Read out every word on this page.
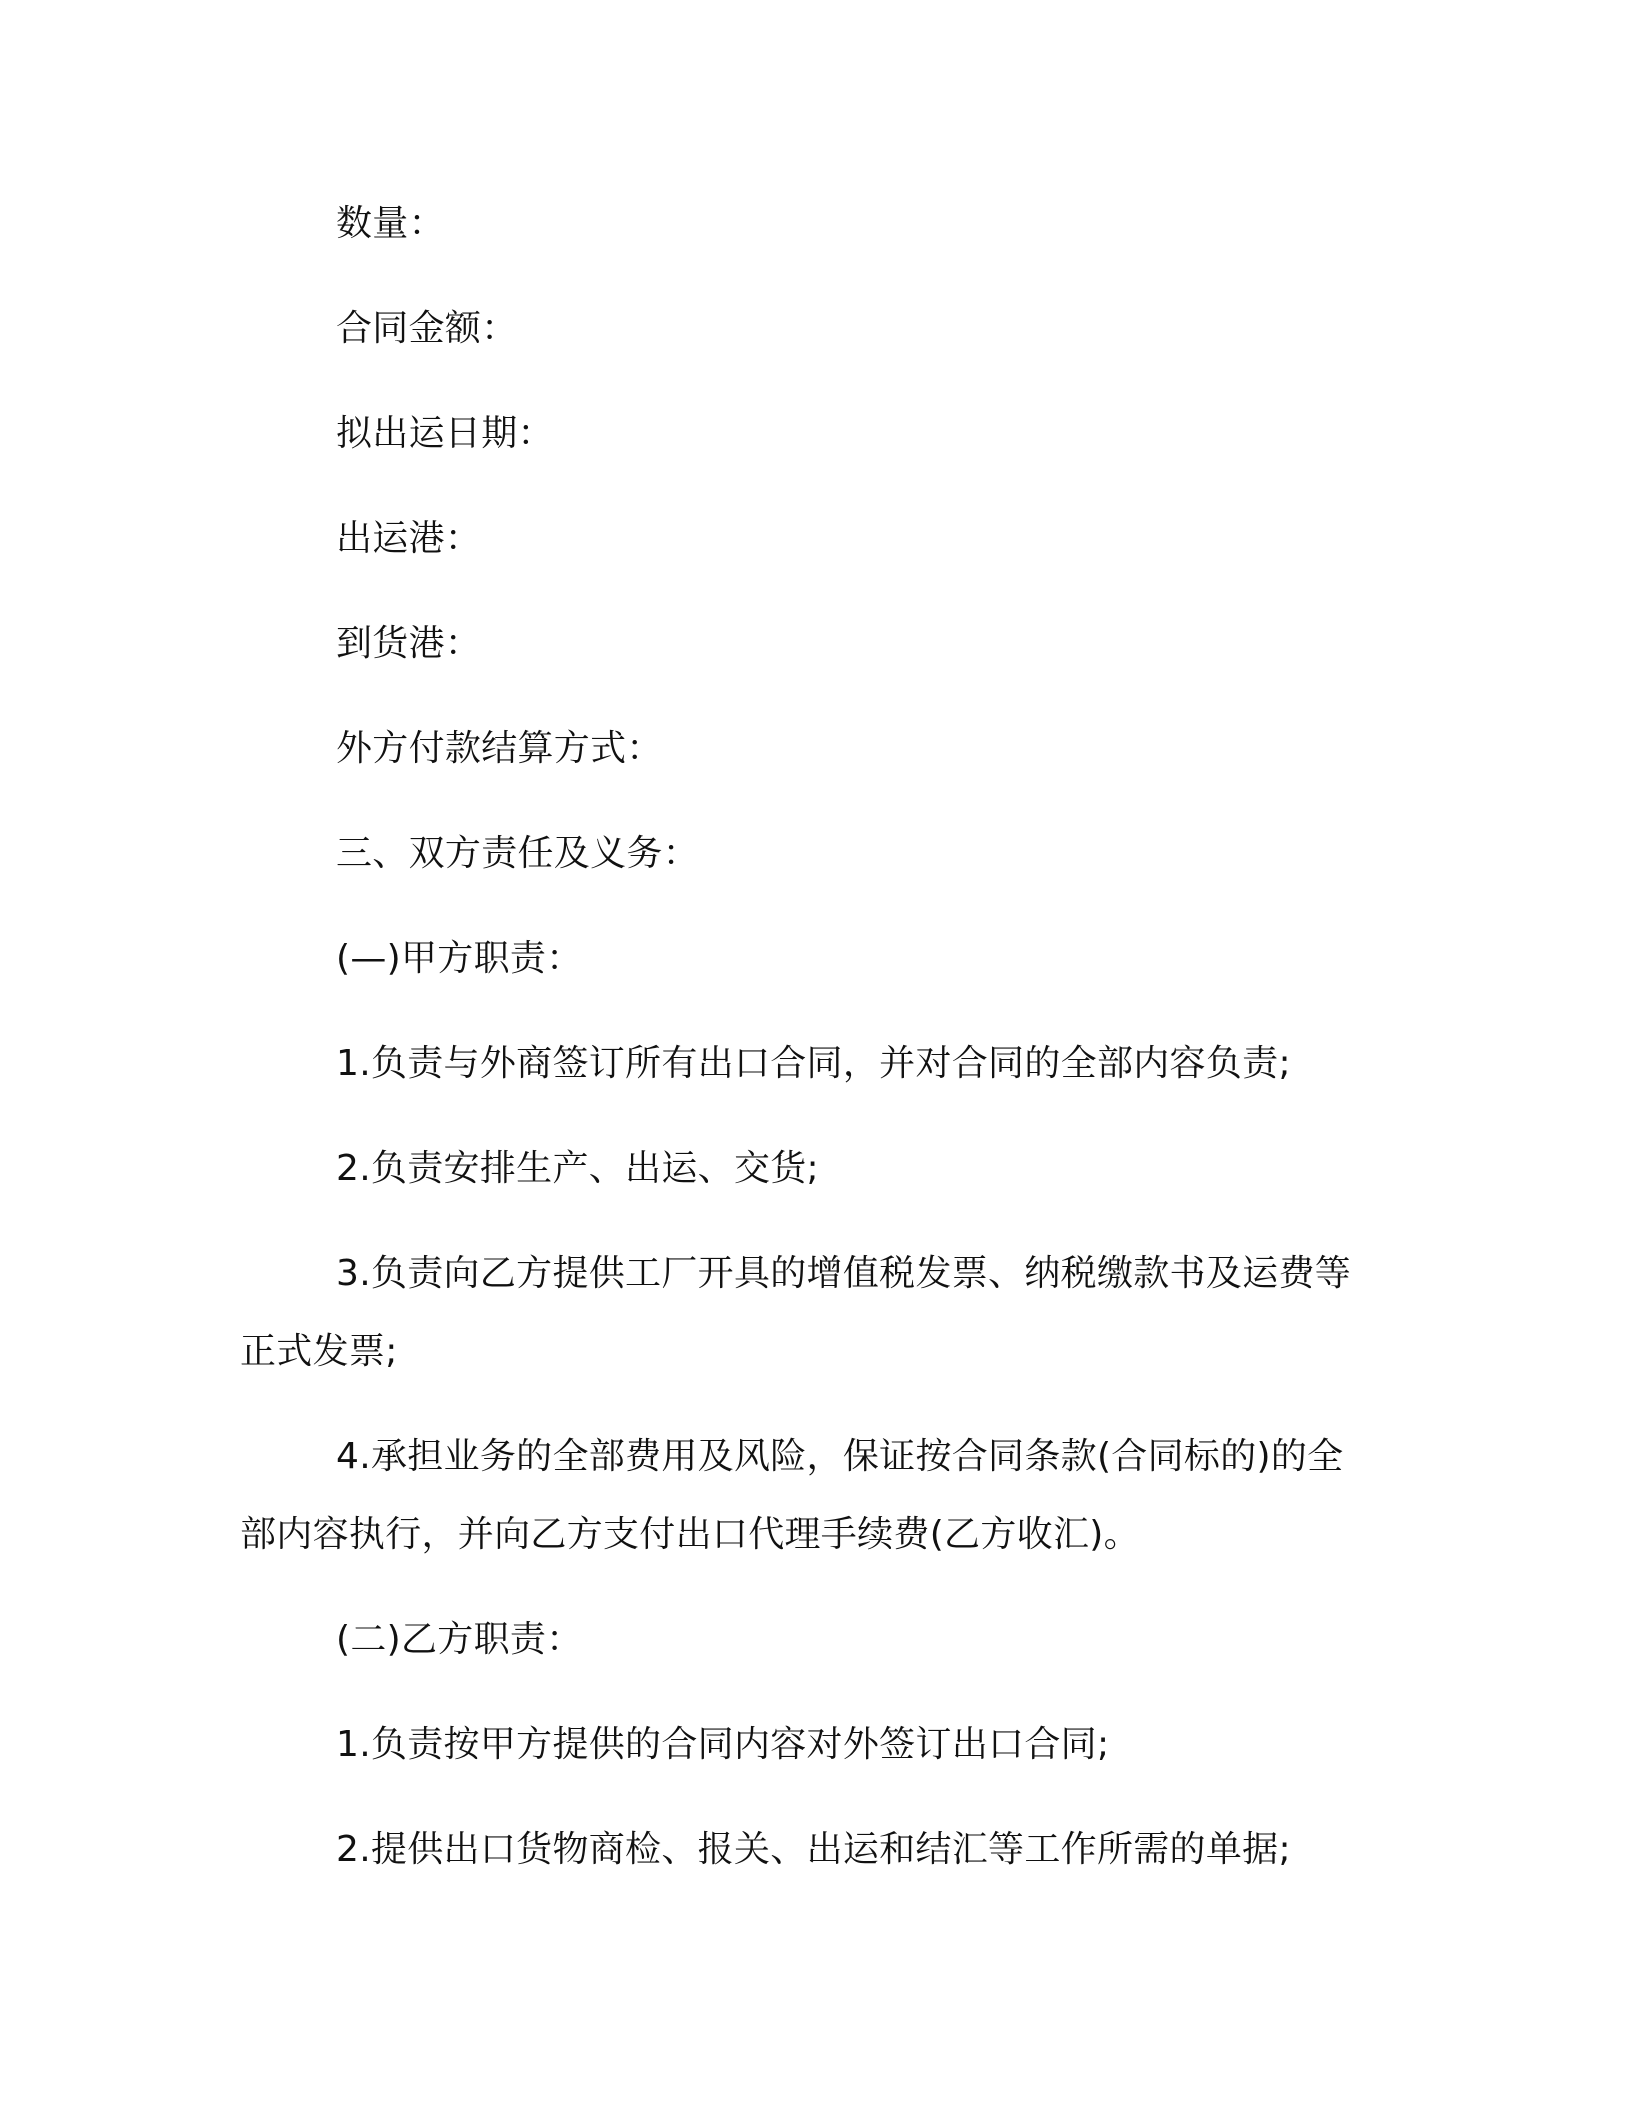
数量：

合同金额：

拟出运日期：

出运港：

到货港：

外方付款结算方式：

三、双方责任及义务：

(—)甲方职责：

1.负责与外商签订所有出口合同，并对合同的全部内容负责;

2.负责安排生产、出运、交货;

3.负责向乙方提供工厂开具的增值税发票、纳税缴款书及运费等正式发票;

4.承担业务的全部费用及风险，保证按合同条款(合同标的)的全部内容执行，并向乙方支付出口代理手续费(乙方收汇)。

(二)乙方职责：

1.负责按甲方提供的合同内容对外签订出口合同;

2.提供出口货物商检、报关、出运和结汇等工作所需的单据;
